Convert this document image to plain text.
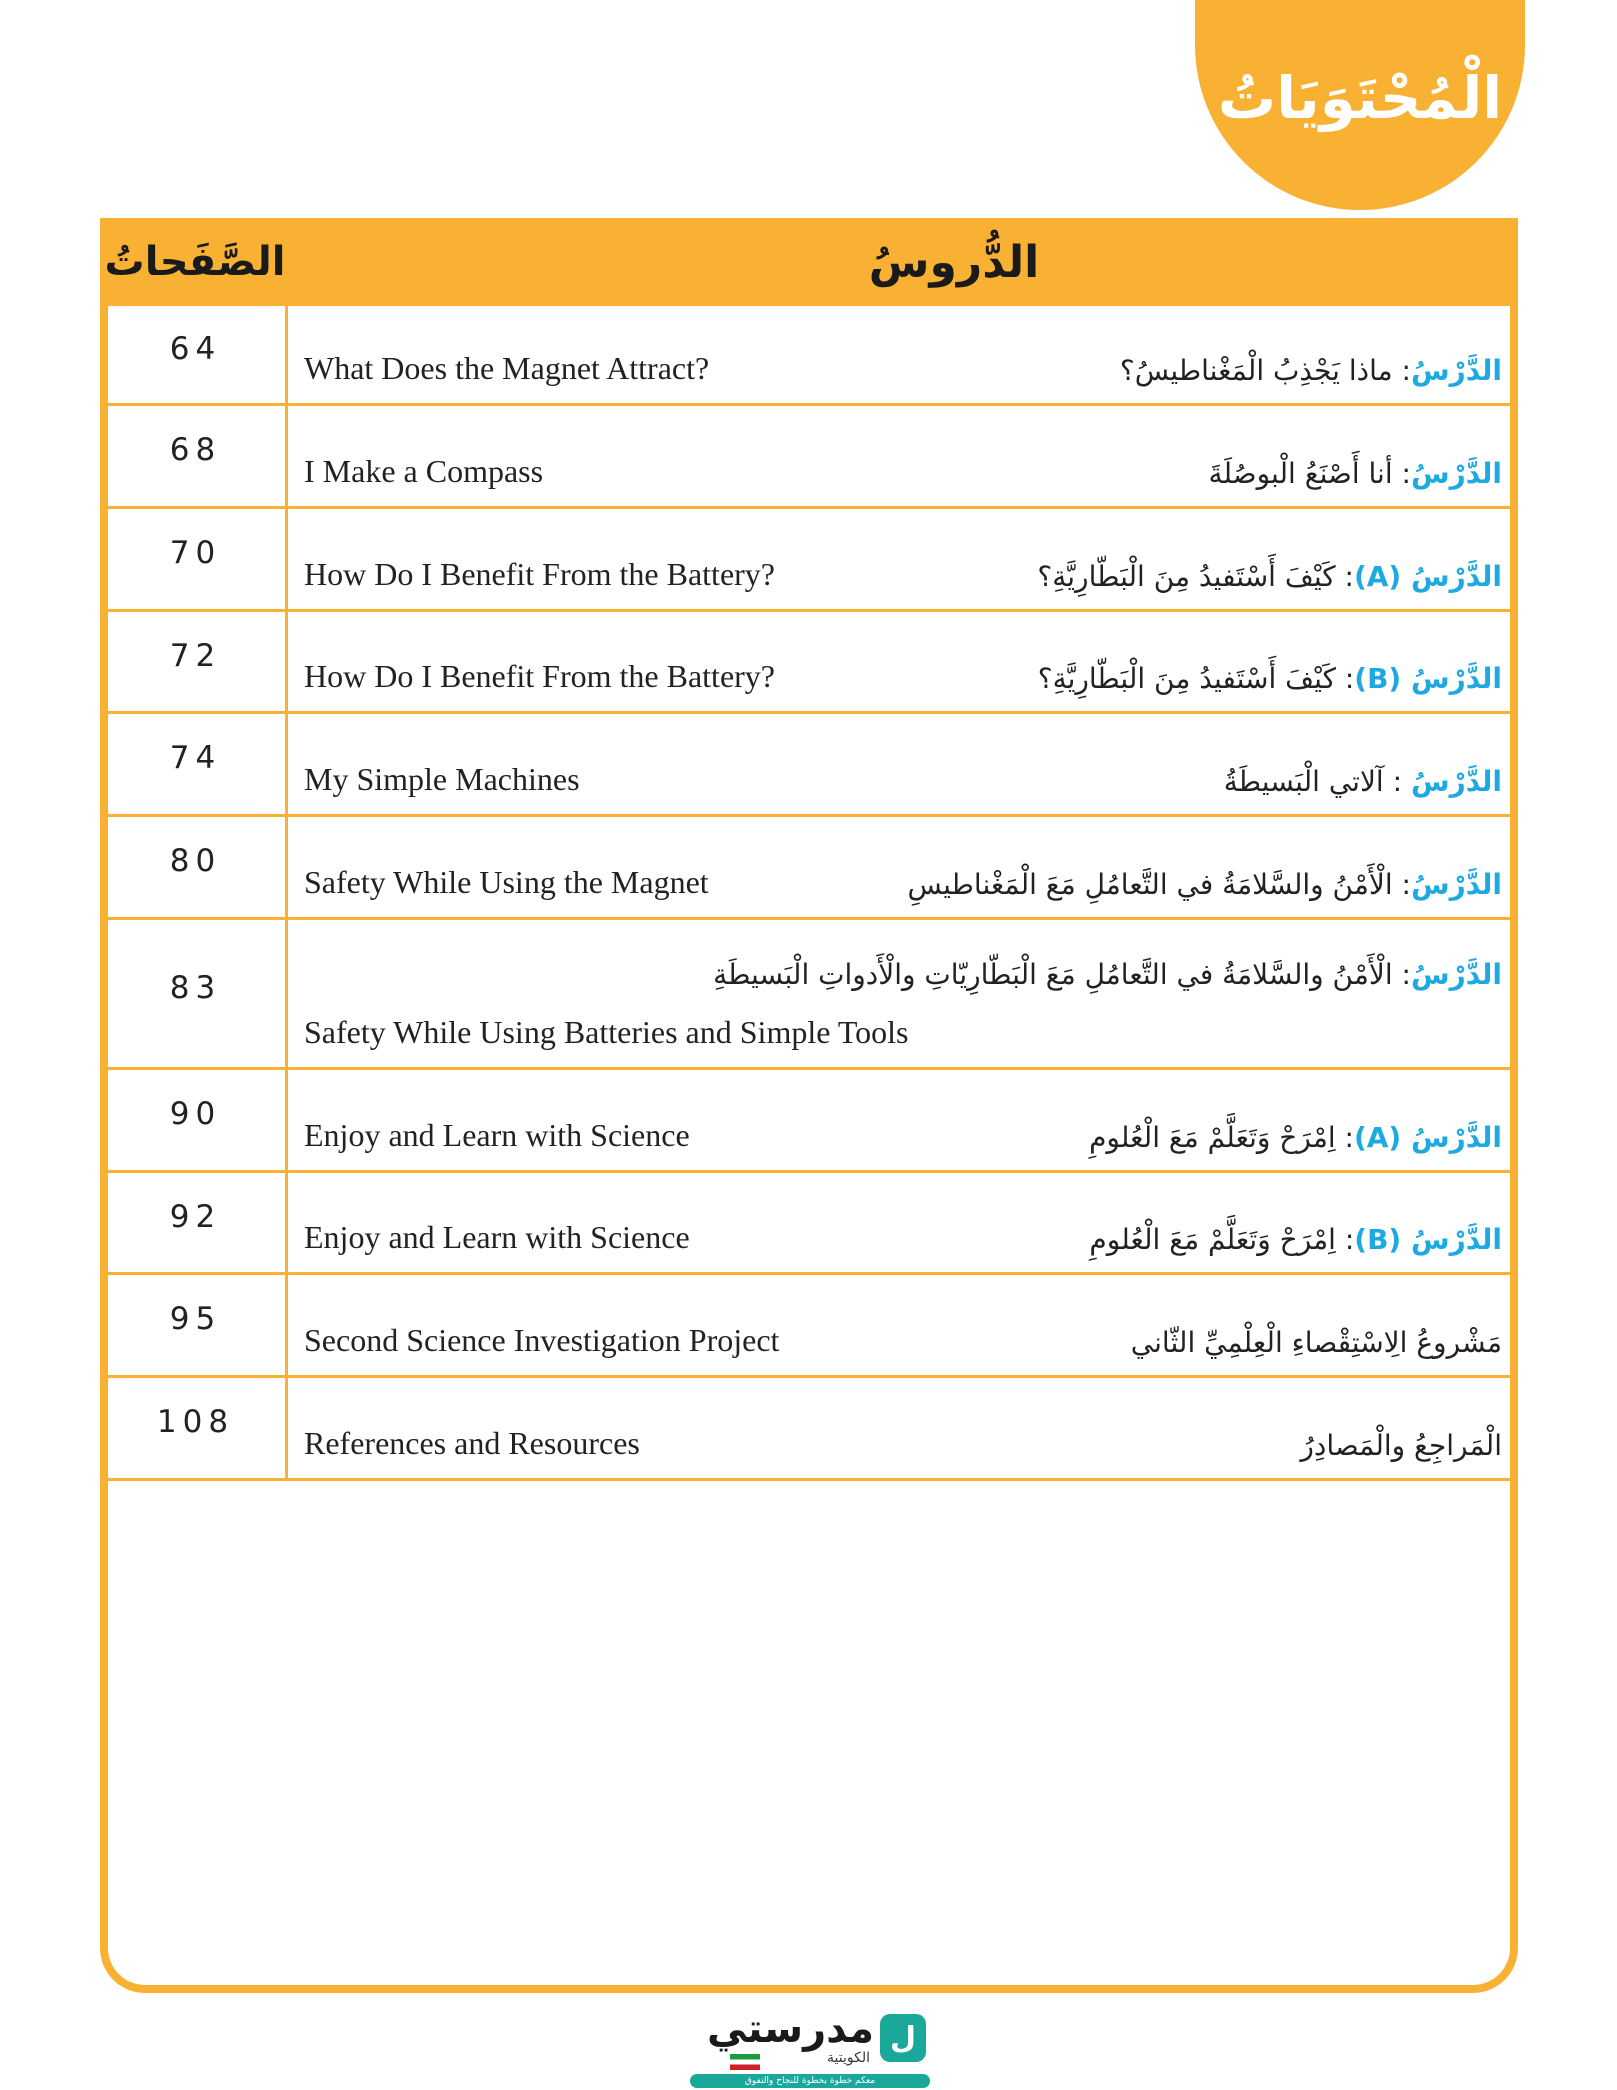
الْمُحْتَوَيَاتُ
الدُّروسُ
الصَّفَحاتُ
64
What Does the Magnet Attract?	الدَّرْسُ: ماذا يَجْذِبُ الْمَغْناطيسُ؟
68
I Make a Compass	الدَّرْسُ: أنا أَصْنَعُ الْبوصُلَةَ
70
How Do I Benefit From the Battery?	الدَّرْسُ (A): كَيْفَ أَسْتَفيدُ مِنَ الْبَطّارِيَّةِ؟
72
How Do I Benefit From the Battery?	الدَّرْسُ (B): كَيْفَ أَسْتَفيدُ مِنَ الْبَطّارِيَّةِ؟
74
My Simple Machines	الدَّرْسُ : آلاتي الْبَسيطَةُ
80
Safety While Using the Magnet	الدَّرْسُ: الْأَمْنُ والسَّلامَةُ في التَّعامُلِ مَعَ الْمَغْناطيسِ
83
Safety While Using Batteries and Simple Tools
الدَّرْسُ: الْأَمْنُ والسَّلامَةُ في التَّعامُلِ مَعَ الْبَطّارِيّاتِ والْأَدواتِ الْبَسيطَةِ
90
Enjoy and Learn with Science	الدَّرْسُ (A): اِمْرَحْ وَتَعَلَّمْ مَعَ الْعُلومِ
92
Enjoy and Learn with Science	الدَّرْسُ (B): اِمْرَحْ وَتَعَلَّمْ مَعَ الْعُلومِ
95
Second Science Investigation Project	مَشْروعُ الِاسْتِقْصاءِ الْعِلْمِيِّ الثّاني
108
References and Resources	الْمَراجِعُ والْمَصادِرُ
ل
مدرستي
الكويتية
معكم خطوة بخطوة للنجاح والتفوق
